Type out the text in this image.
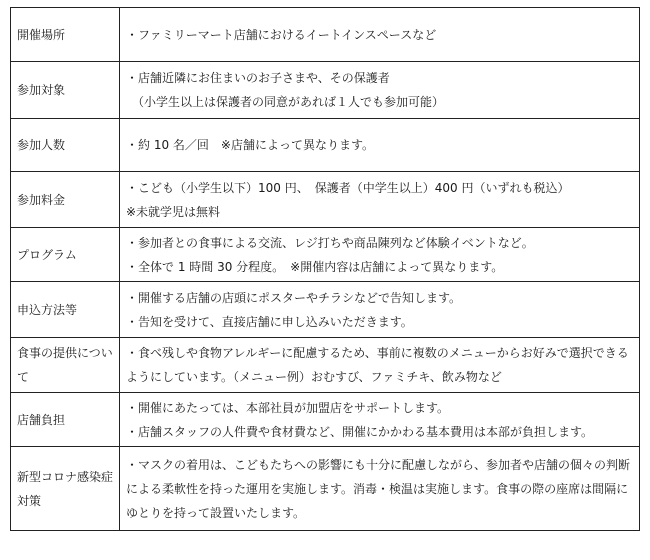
開催場所	・ファミリーマート店舗におけるイートインスペースなど

参加対象	・店舗近隣にお住まいのお子さまや、その保護者
（小学生以上は保護者の同意があれば１人でも参加可能）

参加人数	・約 10 名／回　※店舗によって異なります。

参加料金	・こども（小学生以下）100 円、　保護者（中学生以上）400 円（いずれも税込）
※未就学児は無料

プログラム	・参加者との食事による交流、レジ打ちや商品陳列など体験イベントなど。
・全体で 1 時間 30 分程度。　※開催内容は店舗によって異なります。

申込方法等	・開催する店舗の店頭にポスターやチラシなどで告知します。
・告知を受けて、直接店舗に申し込みいただきます。

食事の提供について	・食べ残しや食物アレルギーに配慮するため、事前に複数のメニューからお好みで選択できるようにしています。（メニュー例）おむすび、ファミチキ、飲み物など

店舗負担	・開催にあたっては、本部社員が加盟店をサポートします。
・店舗スタッフの人件費や食材費など、開催にかかわる基本費用は本部が負担します。

新型コロナ感染症対策	・マスクの着用は、こどもたちへの影響にも十分に配慮しながら、参加者や店舗の個々の判断による柔軟性を持った運用を実施します。消毒・検温は実施します。食事の際の座席は間隔にゆとりを持って設置いたします。
